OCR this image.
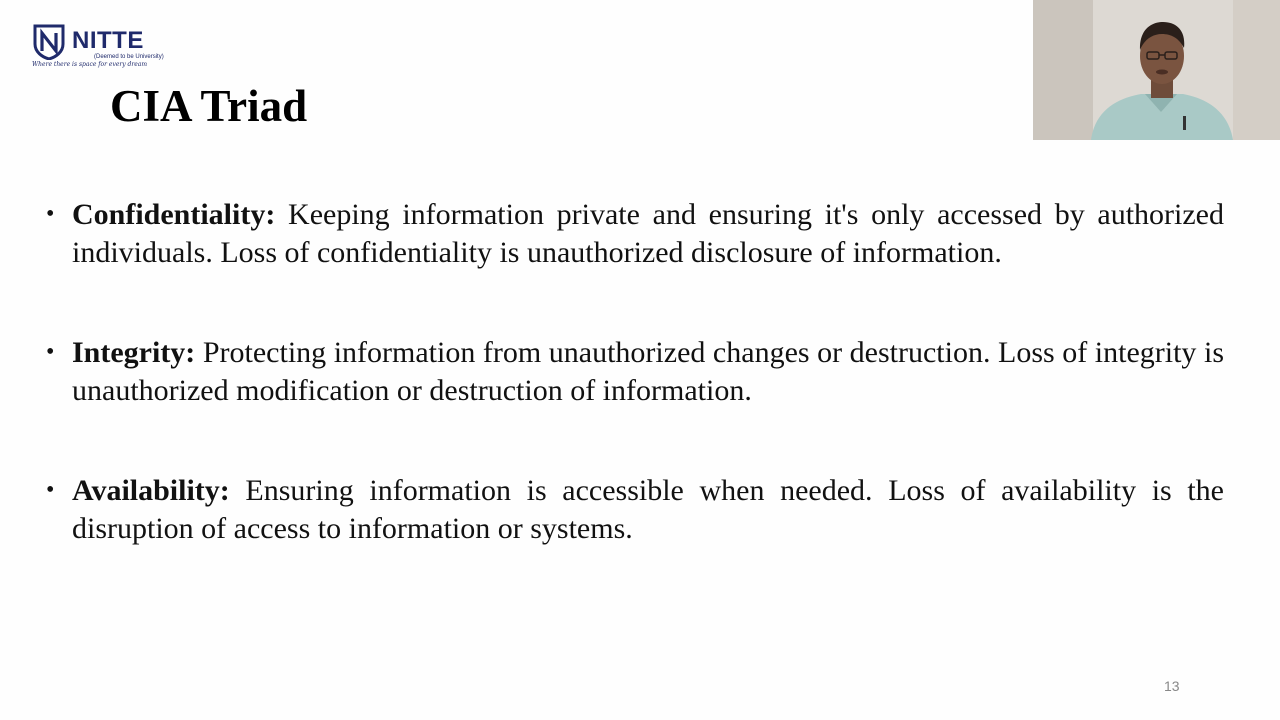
NITTE
(Deemed to be University)
Where there is space for every dream
CIA Triad
• Confidentiality: Keeping information private and ensuring it's only accessed by authorized individuals. Loss of confidentiality is unauthorized disclosure of information.
• Integrity: Protecting information from unauthorized changes or destruction. Loss of integrity is unauthorized modification or destruction of information.
• Availability: Ensuring information is accessible when needed. Loss of availability is the disruption of access to information or systems.
13
